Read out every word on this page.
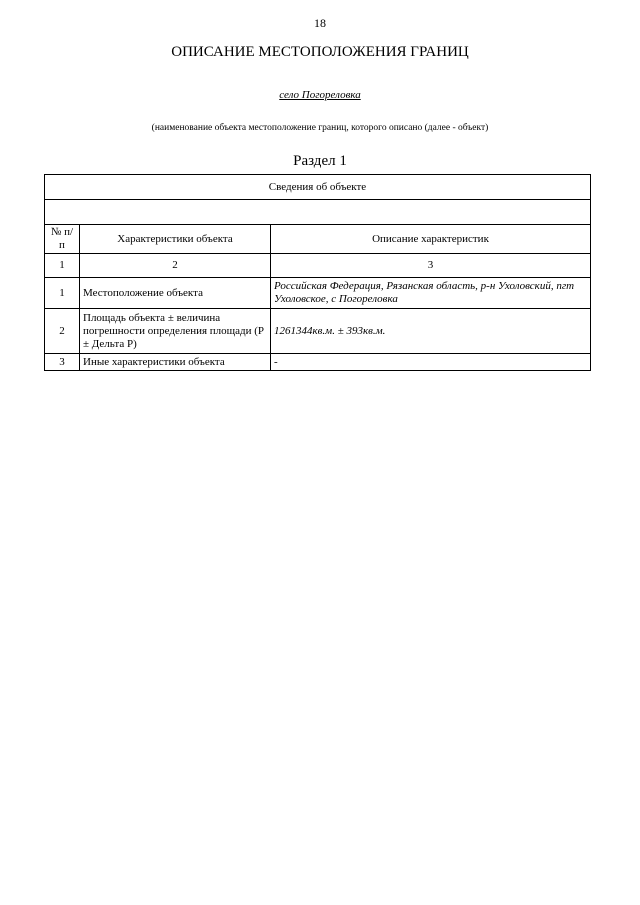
18
ОПИСАНИЕ МЕСТОПОЛОЖЕНИЯ ГРАНИЦ
село Погореловка
(наименование объекта местоположение границ, которого описано (далее - объект)
Раздел 1
Сведения об объекте		

№ п/п	Характеристики объекта	Описание характеристик
1	2	3
1	Местоположение объекта	Российская Федерация, Рязанская область, р-н Ухоловский, пгт Ухоловское, с Погореловка
2	Площадь объекта ± величина погрешности определения площади (Р ± Дельта Р)	1261344кв.м. ± 393кв.м.
3	Иные характеристики объекта	-
